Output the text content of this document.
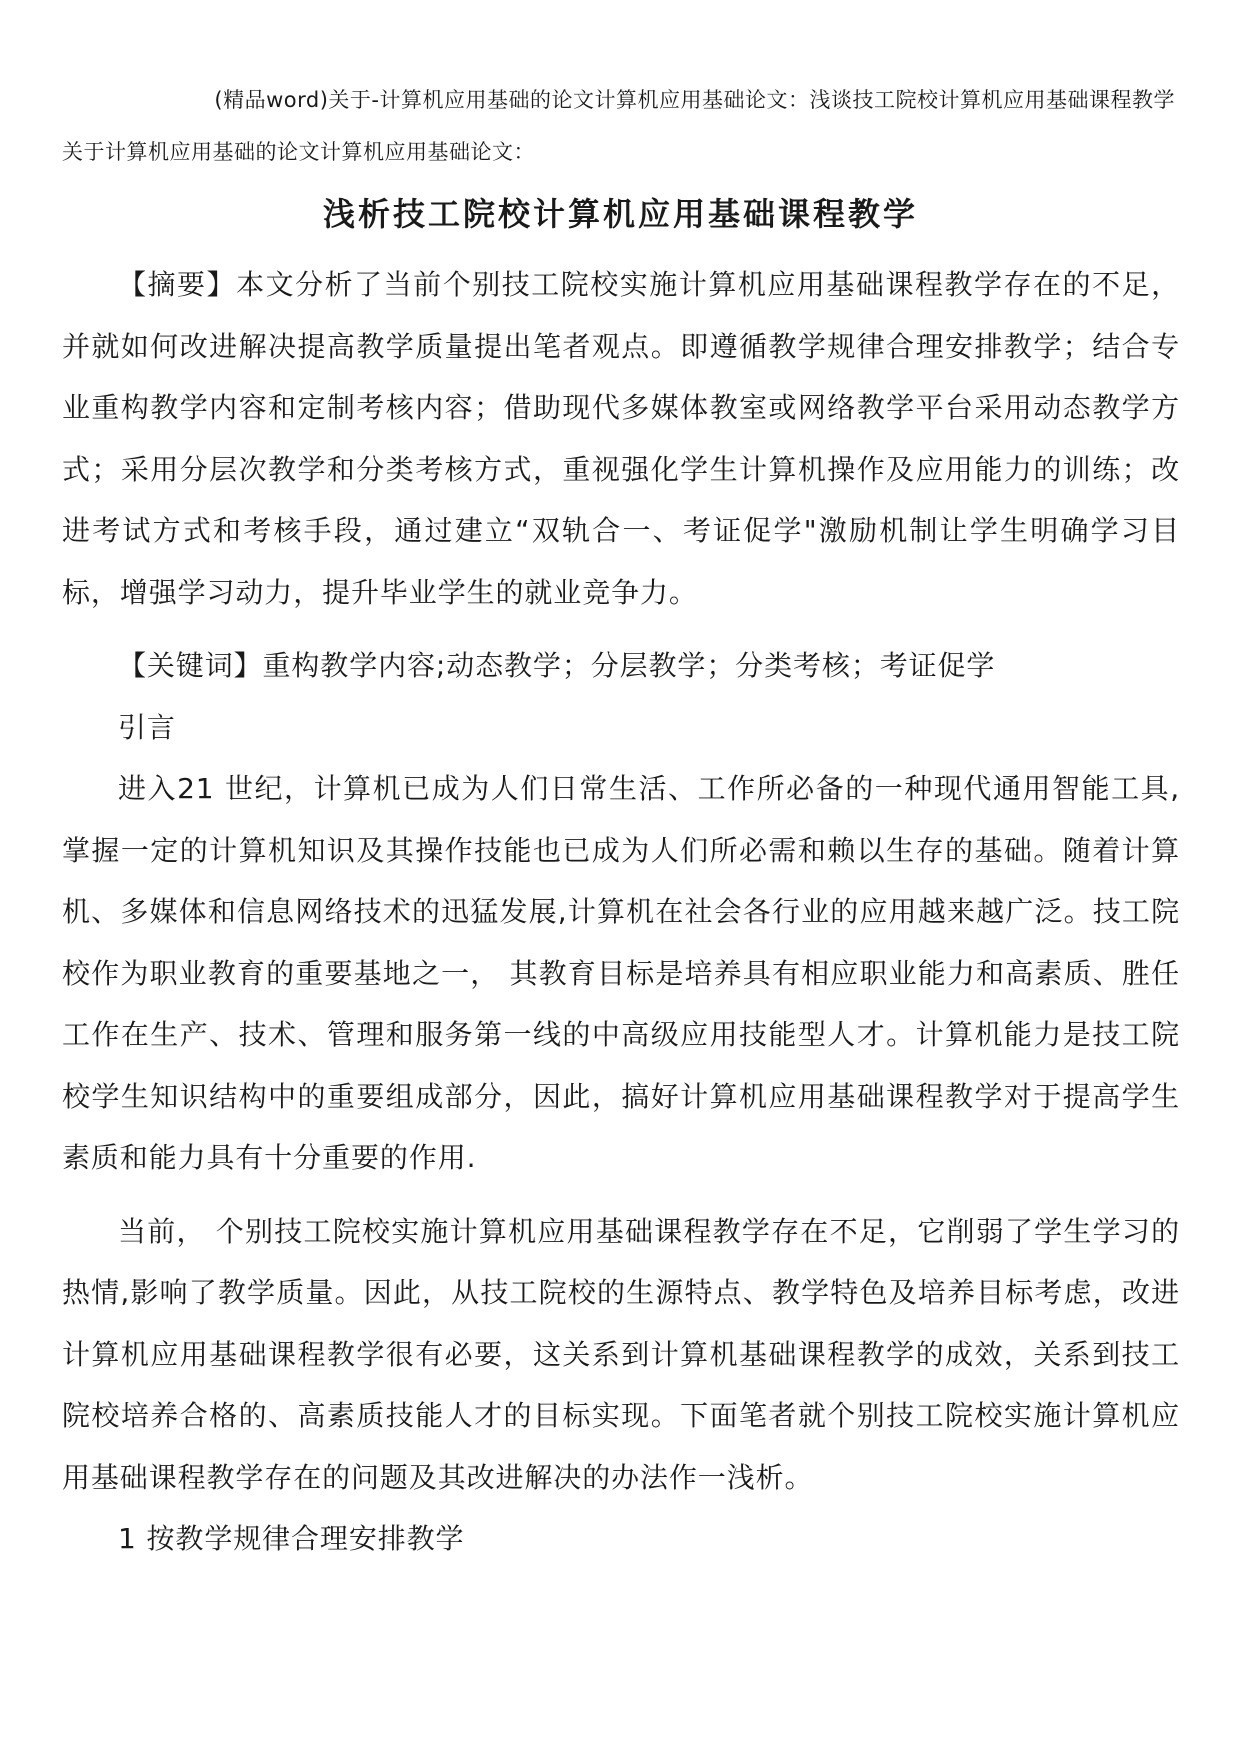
(精品word)关于-计算机应用基础的论文计算机应用基础论文：浅谈技工院校计算机应用基础课程教学
关于计算机应用基础的论文计算机应用基础论文：
浅析技工院校计算机应用基础课程教学

【摘要】本文分析了当前个别技工院校实施计算机应用基础课程教学存在的不足，并就如何改进解决提高教学质量提出笔者观点。即遵循教学规律合理安排教学；结合专业重构教学内容和定制考核内容；借助现代多媒体教室或网络教学平台采用动态教学方式；采用分层次教学和分类考核方式，重视强化学生计算机操作及应用能力的训练；改进考试方式和考核手段，通过建立“双轨合一、考证促学"激励机制让学生明确学习目标，增强学习动力，提升毕业学生的就业竞争力。

【关键词】重构教学内容;动态教学；分层教学；分类考核；考证促学

引言

进入21 世纪，计算机已成为人们日常生活、工作所必备的一种现代通用智能工具,掌握一定的计算机知识及其操作技能也已成为人们所必需和赖以生存的基础。随着计算机、多媒体和信息网络技术的迅猛发展,计算机在社会各行业的应用越来越广泛。技工院校作为职业教育的重要基地之一， 其教育目标是培养具有相应职业能力和高素质、胜任工作在生产、技术、管理和服务第一线的中高级应用技能型人才。计算机能力是技工院校学生知识结构中的重要组成部分，因此，搞好计算机应用基础课程教学对于提高学生素质和能力具有十分重要的作用.

当前， 个别技工院校实施计算机应用基础课程教学存在不足，它削弱了学生学习的热情,影响了教学质量。因此，从技工院校的生源特点、教学特色及培养目标考虑，改进计算机应用基础课程教学很有必要，这关系到计算机基础课程教学的成效，关系到技工院校培养合格的、高素质技能人才的目标实现。下面笔者就个别技工院校实施计算机应用基础课程教学存在的问题及其改进解决的办法作一浅析。

1 按教学规律合理安排教学
